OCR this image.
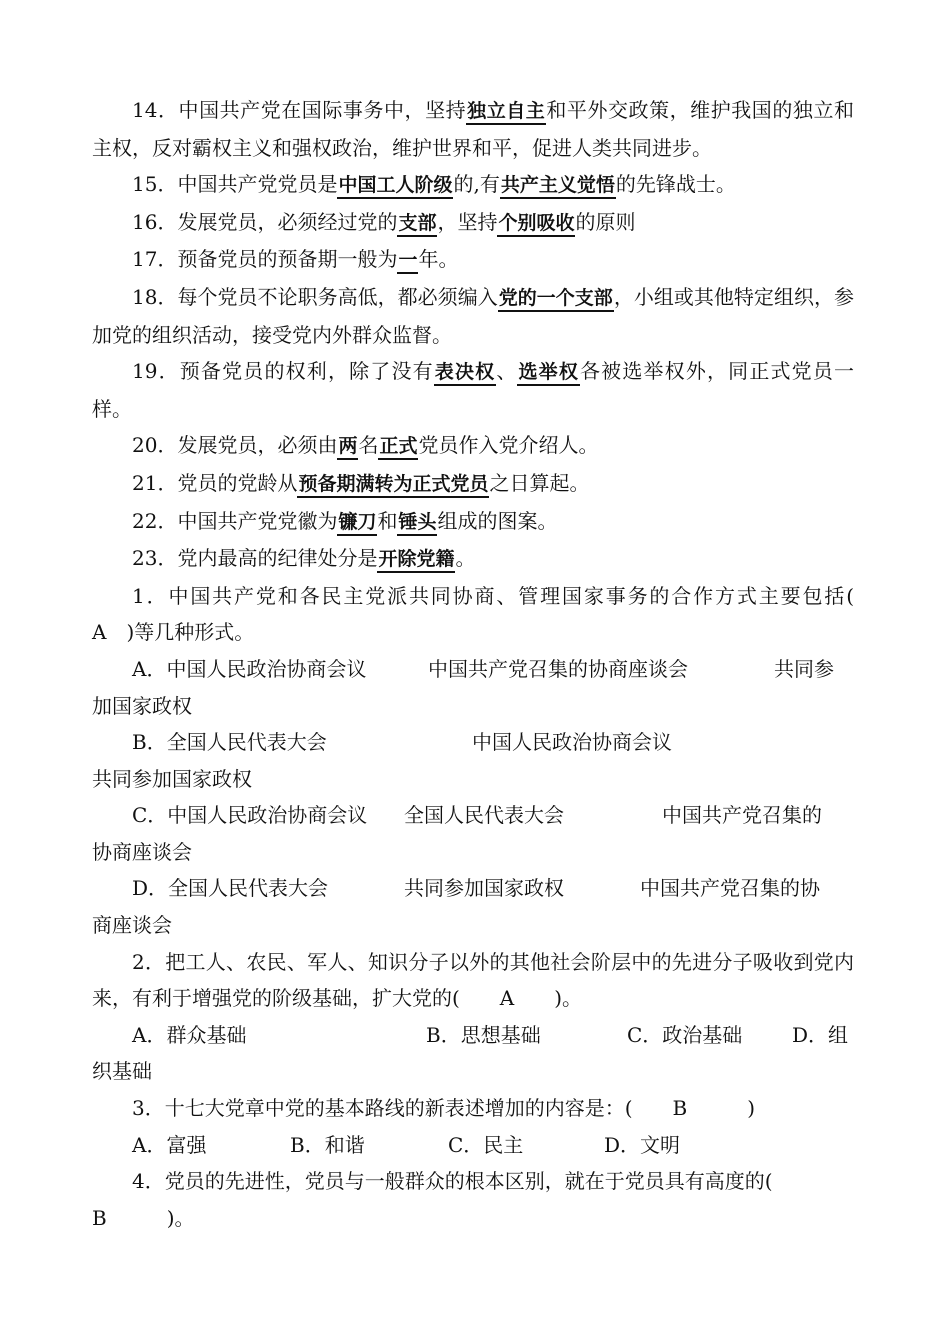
14．中国共产党在国际事务中，坚持独立自主和平外交政策，维护我国的独立和主权，反对霸权主义和强权政治，维护世界和平，促进人类共同进步。

15．中国共产党党员是中国工人阶级的,有共产主义觉悟的先锋战士。

16．发展党员，必须经过党的支部，坚持个别吸收的原则

17．预备党员的预备期一般为一年。

18．每个党员不论职务高低，都必须编入党的一个支部，小组或其他特定组织，参加党的组织活动，接受党内外群众监督。

19．预备党员的权利，除了没有表决权、选举权各被选举权外，同正式党员一样。

20．发展党员，必须由两名正式党员作入党介绍人。

21．党员的党龄从预备期满转为正式党员之日算起。

22．中国共产党党徽为镰刀和锤头组成的图案。

23．党内最高的纪律处分是开除党籍。

1．中国共产党和各民主党派共同协商、管理国家事务的合作方式主要包括(　A　)等几种形式。

A．中国人民政治协商会议	中国共产党召集的协商座谈会	共同参

加国家政权

B．全国人民代表大会	中国人民政治协商会议

共同参加国家政权

C．中国人民政治协商会议 全国人民代表大会	中国共产党召集的

协商座谈会

D．全国人民代表大会	共同参加国家政权	中国共产党召集的协

商座谈会

2．把工人、农民、军人、知识分子以外的其他社会阶层中的先进分子吸收到党内来，有利于增强党的阶级基础，扩大党的(　　A　　)。

A．群众基础	B．思想基础	C．政治基础 D．组

织基础

3．十七大党章中党的基本路线的新表述增加的内容是：(　　B　　　)

A．富强	B．和谐	C．民主	D．文明

4．党员的先进性，党员与一般群众的根本区别，就在于党员具有高度的(

B　　　)。
